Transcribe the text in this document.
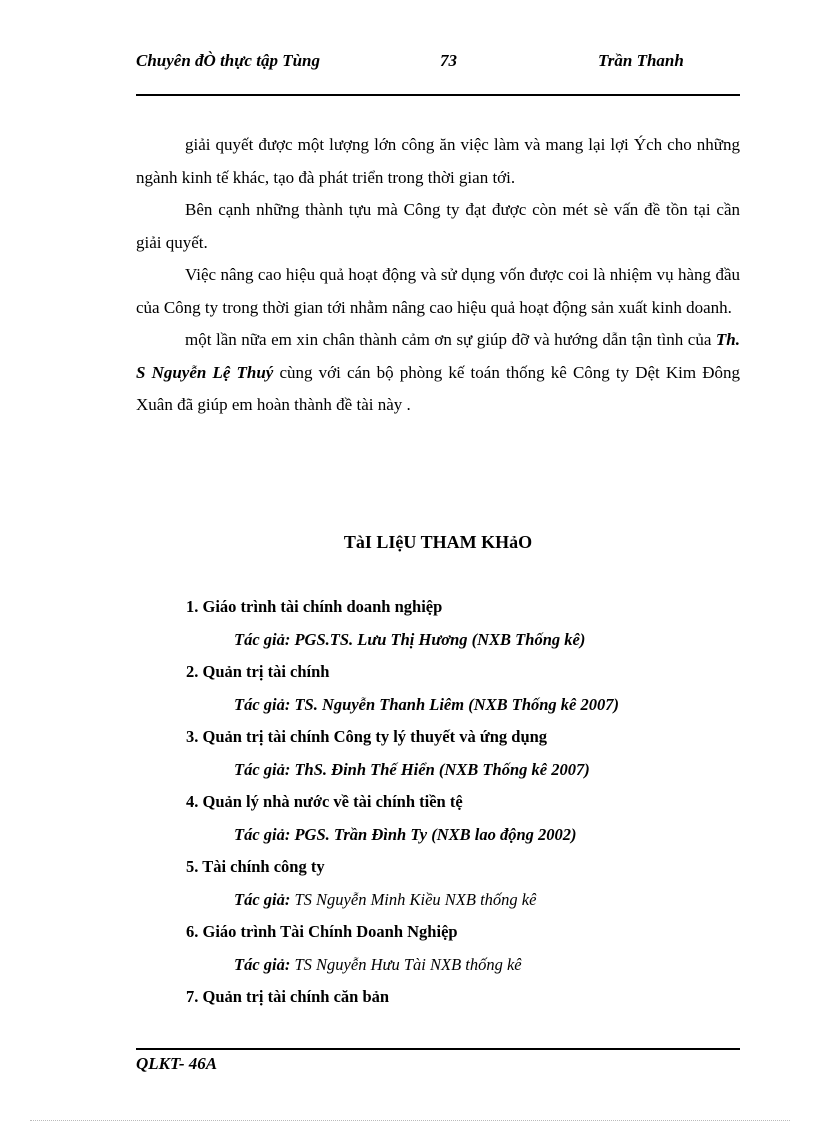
Chuyên đÒ thực tập Tùng	73	Trần Thanh

giải quyết được một lượng lớn công ăn việc làm và mang lại lợi Ých cho những ngành kinh tế khác, tạo đà phát triển trong thời gian tới.

Bên cạnh những thành tựu mà Công ty đạt được còn mét sè vấn đề tồn tại cần giải quyết.

Việc nâng cao hiệu quả hoạt động và sử dụng vốn được coi là nhiệm vụ hàng đầu của Công ty trong thời gian tới nhằm nâng cao hiệu quả hoạt động sản xuất kinh doanh.

một lần nữa em xin chân thành cảm ơn sự giúp đỡ và hướng dẫn tận tình của Th. S Nguyễn Lệ Thuý cùng với cán bộ phòng kế toán thống kê Công ty Dệt Kim Đông Xuân đã giúp em hoàn thành đề tài này .

TàI LIệU THAM KHảO
1. Giáo trình tài chính doanh nghiệp
Tác giả: PGS.TS. Lưu Thị Hương (NXB Thống kê)
2. Quản trị tài chính
Tác giả: TS. Nguyễn Thanh Liêm (NXB Thống kê 2007)
3. Quản trị tài chính Công ty lý thuyết và ứng dụng
Tác giả: ThS. Đinh Thế Hiển (NXB Thống kê 2007)
4. Quản lý nhà nước về tài chính tiền tệ
Tác giả: PGS. Trần Đình Ty (NXB lao động 2002)
5. Tài chính công ty
Tác giả: TS Nguyễn Minh Kiều NXB thống kê
6. Giáo trình Tài Chính Doanh Nghiệp
Tác giả: TS Nguyễn Hưu Tài NXB thống kê
7. Quản trị tài chính căn bản
QLKT- 46A
